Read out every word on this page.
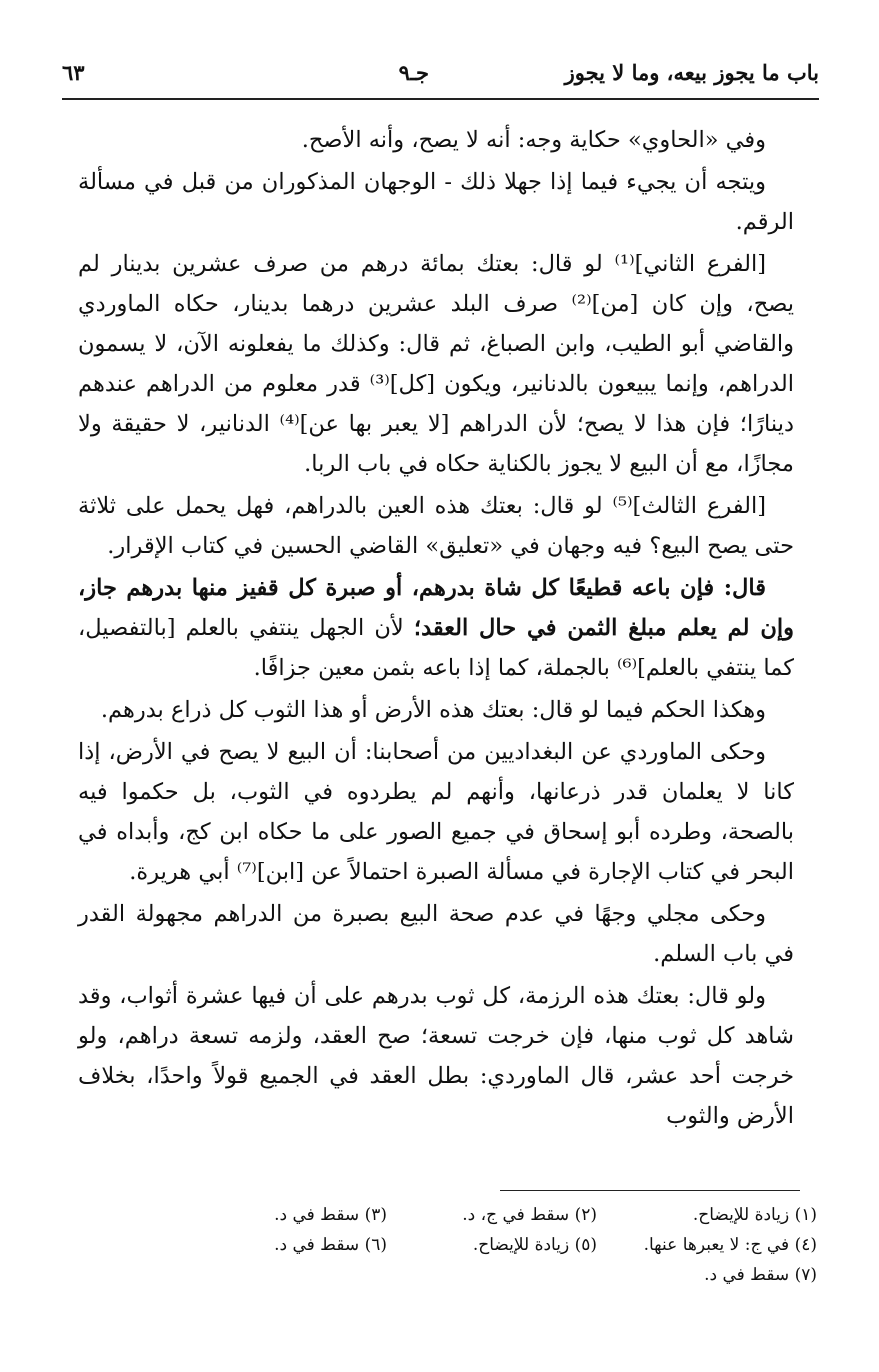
باب ما يجوز بيعه، وما لا يجوز
جـ٩
٦٣

وفي «الحاوي» حكاية وجه: أنه لا يصح، وأنه الأصح.

ويتجه أن يجيء فيما إذا جهلا ذلك - الوجهان المذكوران من قبل في مسألة الرقم.

[الفرع الثاني]⁽¹⁾ لو قال: بعتك بمائة درهم من صرف عشرين بدينار لم يصح، وإن كان [من]⁽²⁾ صرف البلد عشرين درهما بدينار، حكاه الماوردي والقاضي أبو الطيب، وابن الصباغ، ثم قال: وكذلك ما يفعلونه الآن، لا يسمون الدراهم، وإنما يبيعون بالدنانير، ويكون [كل]⁽³⁾ قدر معلوم من الدراهم عندهم دينارًا؛ فإن هذا لا يصح؛ لأن الدراهم [لا يعبر بها عن]⁽⁴⁾ الدنانير، لا حقيقة ولا مجازًا، مع أن البيع لا يجوز بالكناية حكاه في باب الربا.

[الفرع الثالث]⁽⁵⁾ لو قال: بعتك هذه العين بالدراهم، فهل يحمل على ثلاثة حتى يصح البيع؟ فيه وجهان في «تعليق» القاضي الحسين في كتاب الإقرار.

قال: فإن باعه قطيعًا كل شاة بدرهم، أو صبرة كل قفيز منها بدرهم جاز، وإن لم يعلم مبلغ الثمن في حال العقد؛ لأن الجهل ينتفي بالعلم [بالتفصيل، كما ينتفي بالعلم]⁽⁶⁾ بالجملة، كما إذا باعه بثمن معين جزافًا.

وهكذا الحكم فيما لو قال: بعتك هذه الأرض أو هذا الثوب كل ذراع بدرهم.

وحكى الماوردي عن البغداديين من أصحابنا: أن البيع لا يصح في الأرض، إذا كانا لا يعلمان قدر ذرعانها، وأنهم لم يطردوه في الثوب، بل حكموا فيه بالصحة، وطرده أبو إسحاق في جميع الصور على ما حكاه ابن كج، وأبداه في البحر في كتاب الإجارة في مسألة الصبرة احتمالاً عن [ابن]⁽⁷⁾ أبي هريرة.

وحكى مجلي وجهًا في عدم صحة البيع بصبرة من الدراهم مجهولة القدر في باب السلم.

ولو قال: بعتك هذه الرزمة، كل ثوب بدرهم على أن فيها عشرة أثواب، وقد شاهد كل ثوب منها، فإن خرجت تسعة؛ صح العقد، ولزمه تسعة دراهم، ولو خرجت أحد عشر، قال الماوردي: بطل العقد في الجميع قولاً واحدًا، بخلاف الأرض والثوب

(١) زيادة للإيضاح.
(٢) سقط في ج، د.
(٣) سقط في د.
(٤) في ج: لا يعبرها عنها.
(٥) زيادة للإيضاح.
(٦) سقط في د.
(٧) سقط في د.
